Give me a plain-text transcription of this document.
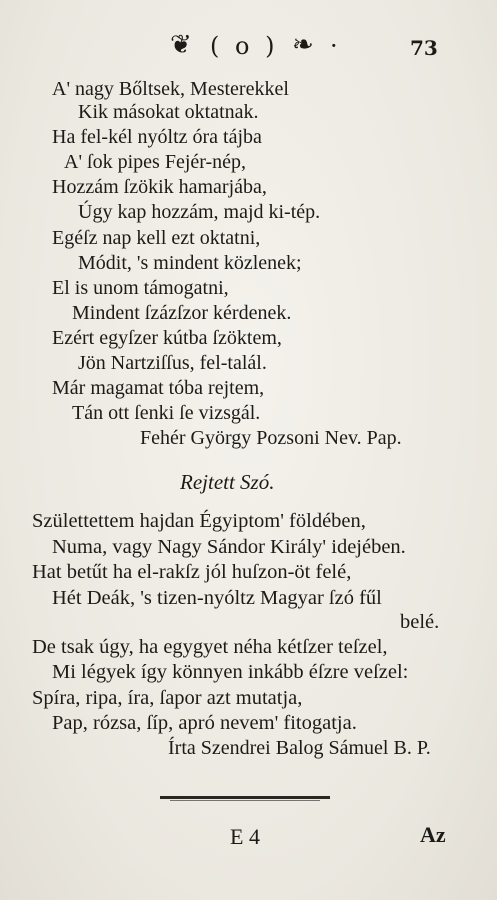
❦ ( o ) ❧ ·	73
A' nagy Bőltsek, Mesterekkel
Kik másokat oktatnak.
Ha fel-kél nyóltz óra tájba
A' ſok pipes Fejér-nép,
Hozzám ſzökik hamarjába,
Úgy kap hozzám, majd ki-tép.
Egéſz nap kell ezt oktatni,
Módit, 's mindent közlenek;
El is unom támogatni,
Mindent ſzázſzor kérdenek.
Ezért egyſzer kútba ſzöktem,
Jön Nartziſſus, fel-talál.
Már magamat tóba rejtem,
Tán ott ſenki ſe vizsgál.
Fehér György Pozsoni Nev. Pap.
Rejtett Szó.
Születtettem hajdan Égyiptom' földében,
Numa, vagy Nagy Sándor Király' idejében.
Hat betűt ha el-rakſz jól huſzon-öt felé,
Hét Deák, 's tizen-nyóltz Magyar ſzó fűl
belé.
De tsak úgy, ha egygyet néha kétſzer teſzel,
Mi légyek így könnyen inkább éſzre veſzel:
Spíra, ripa, íra, ſapor azt mutatja,
Pap, rózsa, ſíp, apró nevem' fitogatja.
Írta Szendrei Balog Sámuel B. P.
E 4	Az
